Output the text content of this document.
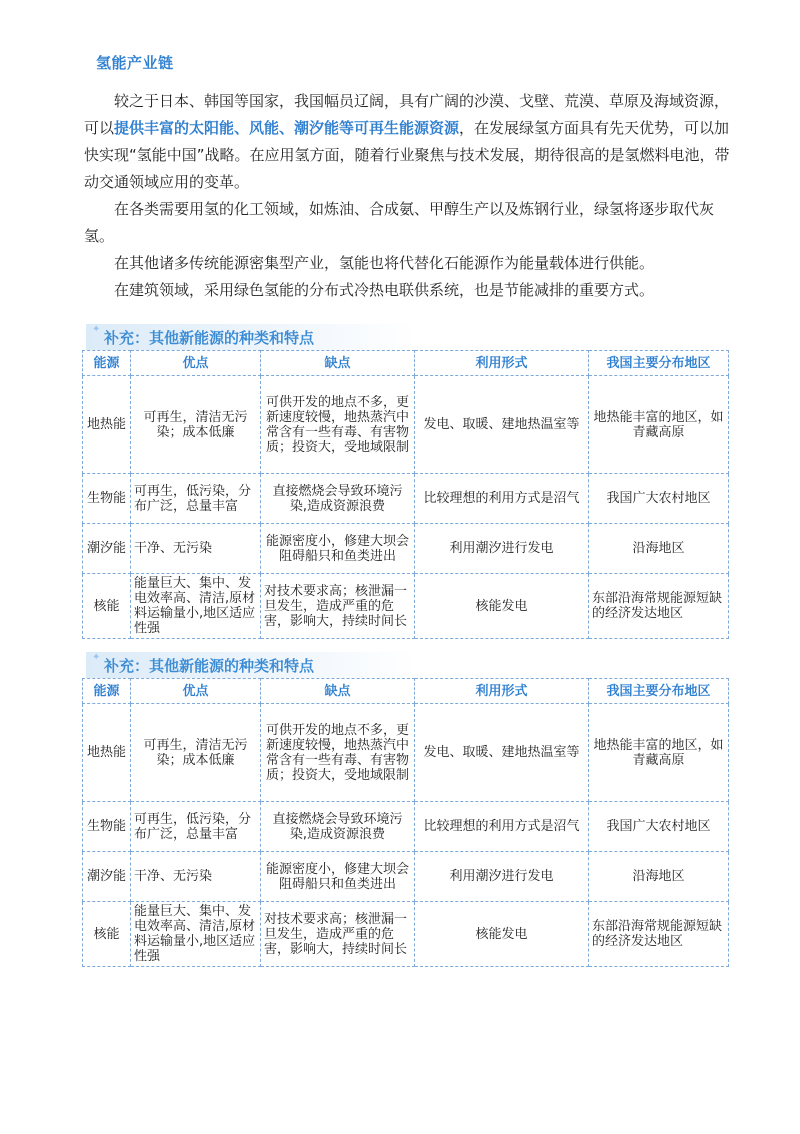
氢能产业链
较之于日本、韩国等国家，我国幅员辽阔，具有广阔的沙漠、戈壁、荒漠、草原及海域资源，可以提供丰富的太阳能、风能、潮汐能等可再生能源资源，在发展绿氢方面具有先天优势，可以加快实现“氢能中国”战略。在应用氢方面，随着行业聚焦与技术发展，期待很高的是氢燃料电池，带动交通领域应用的变革。
在各类需要用氢的化工领域，如炼油、合成氨、甲醇生产以及炼钢行业，绿氢将逐步取代灰氢。
在其他诸多传统能源密集型产业，氢能也将代替化石能源作为能量载体进行供能。
在建筑领域，采用绿色氢能的分布式冷热电联供系统，也是节能减排的重要方式。
✦ 补充：其他新能源的种类和特点
能源	优点	缺点	利用形式	我国主要分布地区
地热能	可再生，清洁无污染；成本低廉	可供开发的地点不多，更新速度较慢，地热蒸汽中常含有一些有毒、有害物质；投资大，受地域限制	发电、取暖、建地热温室等	地热能丰富的地区，如青藏高原
生物能	可再生，低污染，分布广泛，总量丰富	直接燃烧会导致环境污染,造成资源浪费	比较理想的利用方式是沼气	我国广大农村地区
潮汐能	干净、无污染	能源密度小，修建大坝会阻碍船只和鱼类进出	利用潮汐进行发电	沿海地区
核能	能量巨大、集中、发电效率高、清洁,原材料运输量小,地区适应性强	对技术要求高；核泄漏一旦发生，造成严重的危害，影响大，持续时间长	核能发电	东部沿海常规能源短缺的经济发达地区
✦ 补充：其他新能源的种类和特点
能源	优点	缺点	利用形式	我国主要分布地区
地热能	可再生，清洁无污染；成本低廉	可供开发的地点不多，更新速度较慢，地热蒸汽中常含有一些有毒、有害物质；投资大，受地域限制	发电、取暖、建地热温室等	地热能丰富的地区，如青藏高原
生物能	可再生，低污染，分布广泛，总量丰富	直接燃烧会导致环境污染,造成资源浪费	比较理想的利用方式是沼气	我国广大农村地区
潮汐能	干净、无污染	能源密度小，修建大坝会阻碍船只和鱼类进出	利用潮汐进行发电	沿海地区
核能	能量巨大、集中、发电效率高、清洁,原材料运输量小,地区适应性强	对技术要求高；核泄漏一旦发生，造成严重的危害，影响大，持续时间长	核能发电	东部沿海常规能源短缺的经济发达地区
